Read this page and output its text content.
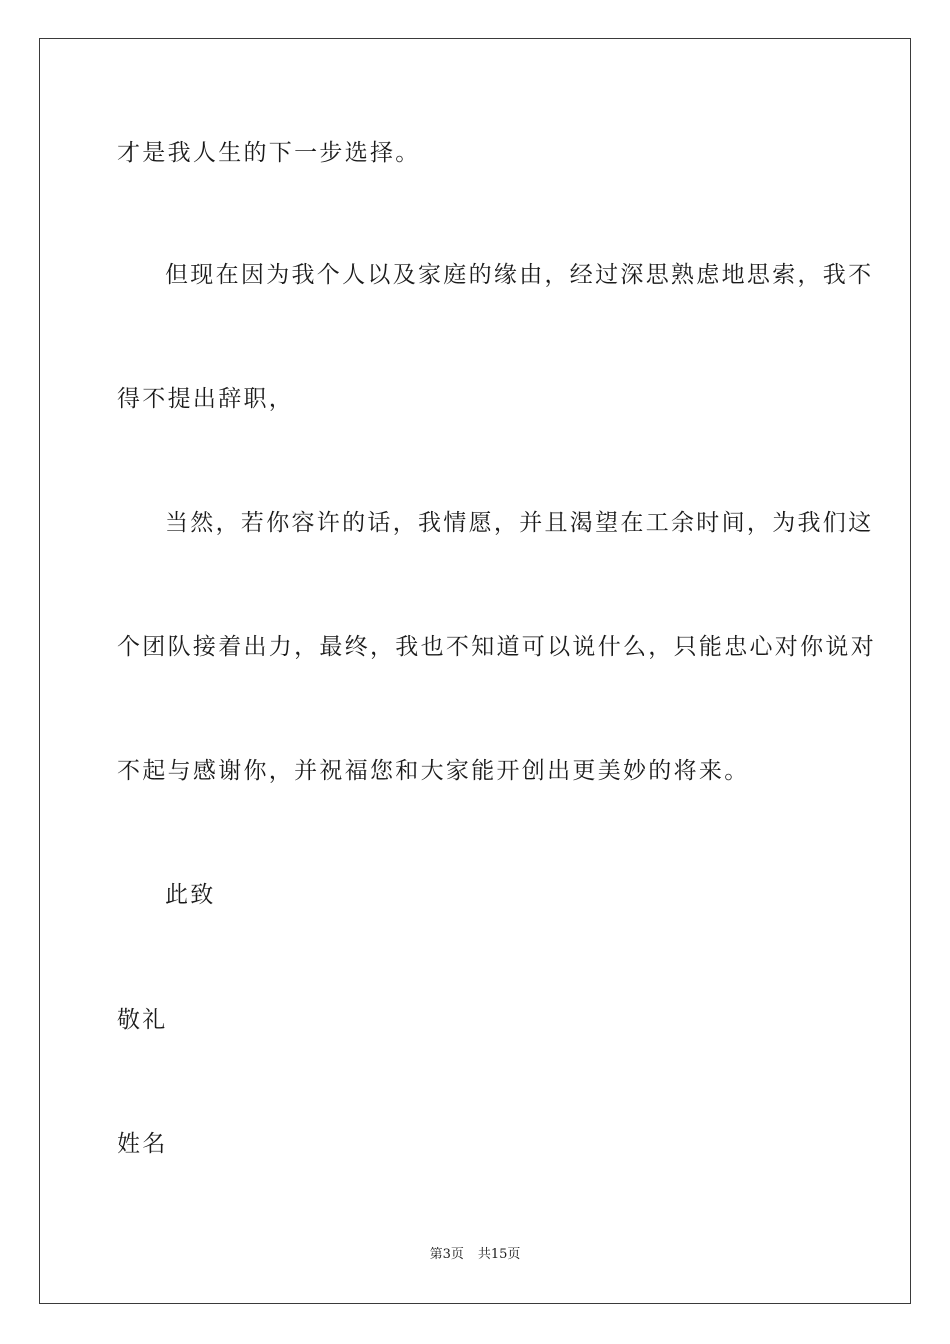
才是我人生的下一步选择。
但现在因为我个人以及家庭的缘由，经过深思熟虑地思索，我不
得不提出辞职，
当然，若你容许的话，我情愿，并且渴望在工余时间，为我们这
个团队接着出力，最终，我也不知道可以说什么，只能忠心对你说对
不起与感谢你，并祝福您和大家能开创出更美妙的将来。
此致
敬礼
姓名
第3页 共15页
